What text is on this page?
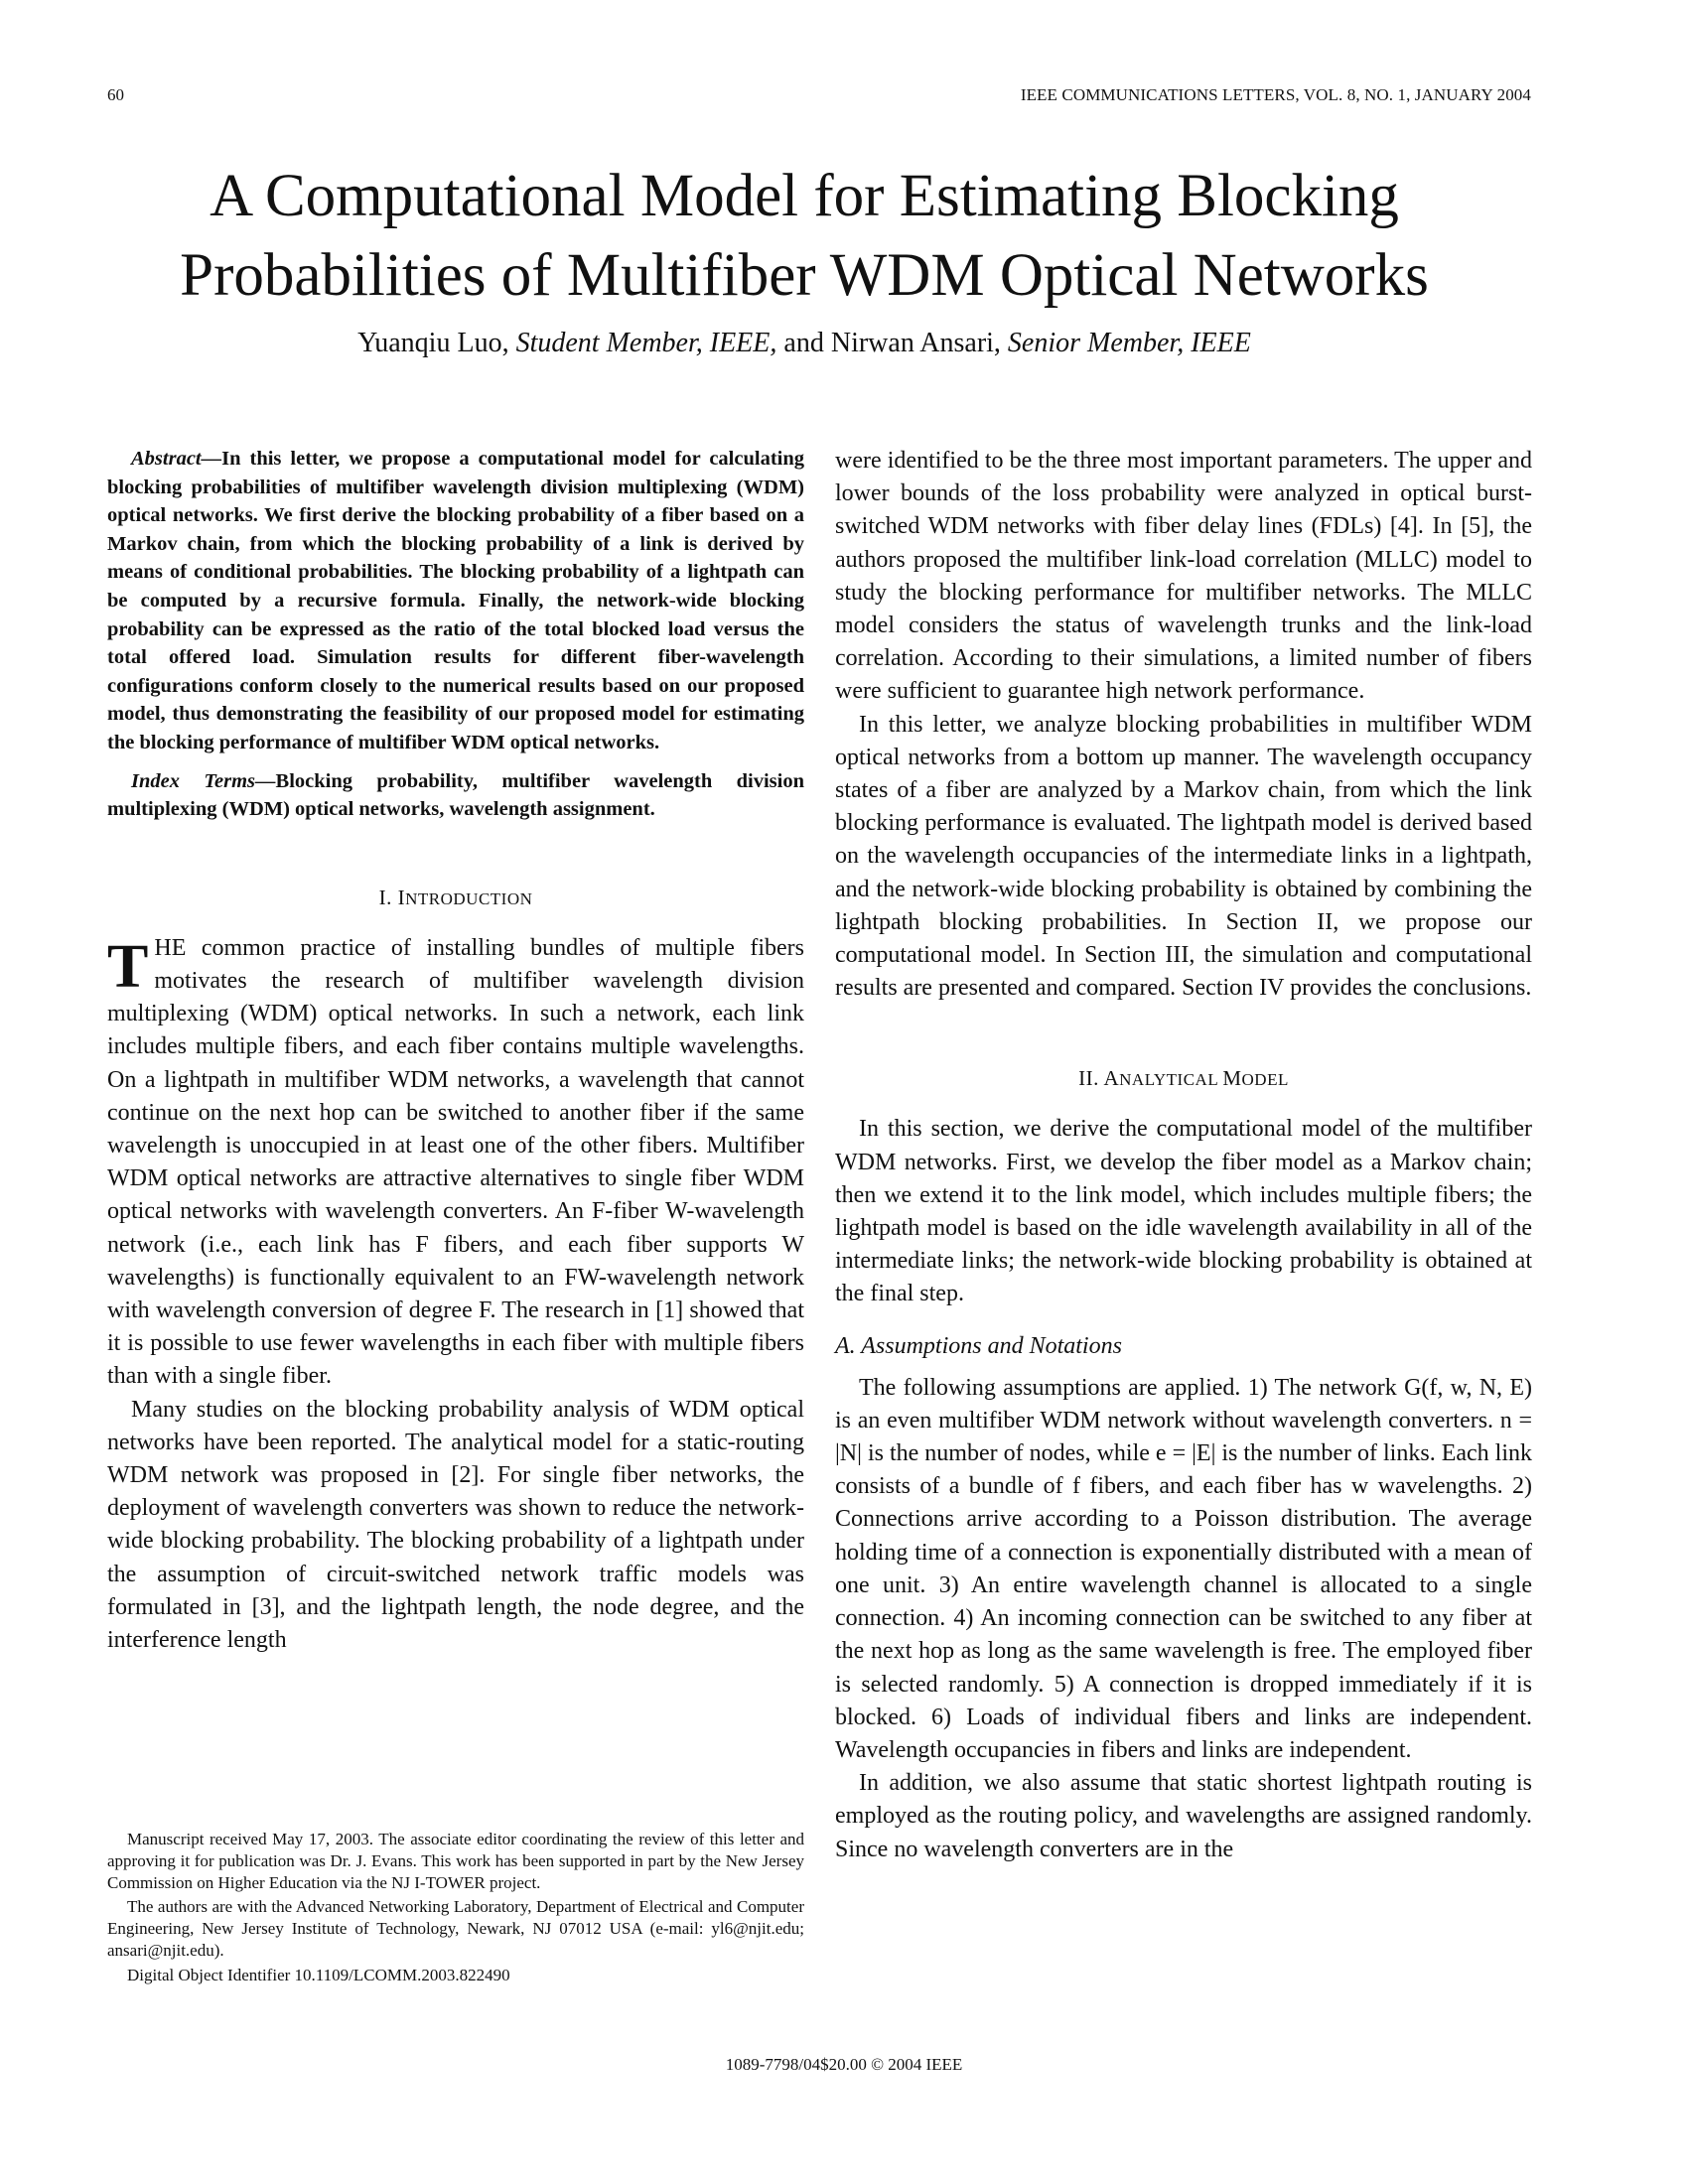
60	IEEE COMMUNICATIONS LETTERS, VOL. 8, NO. 1, JANUARY 2004
A Computational Model for Estimating Blocking Probabilities of Multifiber WDM Optical Networks
Yuanqiu Luo, Student Member, IEEE, and Nirwan Ansari, Senior Member, IEEE

Abstract—In this letter, we propose a computational model for calculating blocking probabilities of multifiber wavelength division multiplexing (WDM) optical networks. We first derive the blocking probability of a fiber based on a Markov chain, from which the blocking probability of a link is derived by means of conditional probabilities. The blocking probability of a lightpath can be computed by a recursive formula. Finally, the network-wide blocking probability can be expressed as the ratio of the total blocked load versus the total offered load. Simulation results for different fiber-wavelength configurations conform closely to the numerical results based on our proposed model, thus demonstrating the feasibility of our proposed model for estimating the blocking performance of multifiber WDM optical networks.

Index Terms—Blocking probability, multifiber wavelength division multiplexing (WDM) optical networks, wavelength assignment.

I. INTRODUCTION

THE common practice of installing bundles of multiple fibers motivates the research of multifiber wavelength division multiplexing (WDM) optical networks. In such a network, each link includes multiple fibers, and each fiber contains multiple wavelengths. On a lightpath in multifiber WDM networks, a wavelength that cannot continue on the next hop can be switched to another fiber if the same wavelength is unoccupied in at least one of the other fibers. Multifiber WDM optical networks are attractive alternatives to single fiber WDM optical networks with wavelength converters. An F-fiber W-wavelength network (i.e., each link has F fibers, and each fiber supports W wavelengths) is functionally equivalent to an FW-wavelength network with wavelength conversion of degree F. The research in [1] showed that it is possible to use fewer wavelengths in each fiber with multiple fibers than with a single fiber.

Many studies on the blocking probability analysis of WDM optical networks have been reported. The analytical model for a static-routing WDM network was proposed in [2]. For single fiber networks, the deployment of wavelength converters was shown to reduce the network-wide blocking probability. The blocking probability of a lightpath under the assumption of circuit-switched network traffic models was formulated in [3], and the lightpath length, the node degree, and the interference length

were identified to be the three most important parameters. The upper and lower bounds of the loss probability were analyzed in optical burst-switched WDM networks with fiber delay lines (FDLs) [4]. In [5], the authors proposed the multifiber link-load correlation (MLLC) model to study the blocking performance for multifiber networks. The MLLC model considers the status of wavelength trunks and the link-load correlation. According to their simulations, a limited number of fibers were sufficient to guarantee high network performance.

In this letter, we analyze blocking probabilities in multifiber WDM optical networks from a bottom up manner. The wavelength occupancy states of a fiber are analyzed by a Markov chain, from which the link blocking performance is evaluated. The lightpath model is derived based on the wavelength occupancies of the intermediate links in a lightpath, and the network-wide blocking probability is obtained by combining the lightpath blocking probabilities. In Section II, we propose our computational model. In Section III, the simulation and computational results are presented and compared. Section IV provides the conclusions.

II. ANALYTICAL MODEL

In this section, we derive the computational model of the multifiber WDM networks. First, we develop the fiber model as a Markov chain; then we extend it to the link model, which includes multiple fibers; the lightpath model is based on the idle wavelength availability in all of the intermediate links; the network-wide blocking probability is obtained at the final step.

A. Assumptions and Notations

The following assumptions are applied. 1) The network G(f, w, N, E) is an even multifiber WDM network without wavelength converters. n = |N| is the number of nodes, while e = |E| is the number of links. Each link consists of a bundle of f fibers, and each fiber has w wavelengths. 2) Connections arrive according to a Poisson distribution. The average holding time of a connection is exponentially distributed with a mean of one unit. 3) An entire wavelength channel is allocated to a single connection. 4) An incoming connection can be switched to any fiber at the next hop as long as the same wavelength is free. The employed fiber is selected randomly. 5) A connection is dropped immediately if it is blocked. 6) Loads of individual fibers and links are independent. Wavelength occupancies in fibers and links are independent.

In addition, we also assume that static shortest lightpath routing is employed as the routing policy, and wavelengths are assigned randomly. Since no wavelength converters are in the

Manuscript received May 17, 2003. The associate editor coordinating the review of this letter and approving it for publication was Dr. J. Evans. This work has been supported in part by the New Jersey Commission on Higher Education via the NJ I-TOWER project.

The authors are with the Advanced Networking Laboratory, Department of Electrical and Computer Engineering, New Jersey Institute of Technology, Newark, NJ 07012 USA (e-mail: yl6@njit.edu; ansari@njit.edu).

Digital Object Identifier 10.1109/LCOMM.2003.822490

1089-7798/04$20.00 © 2004 IEEE
